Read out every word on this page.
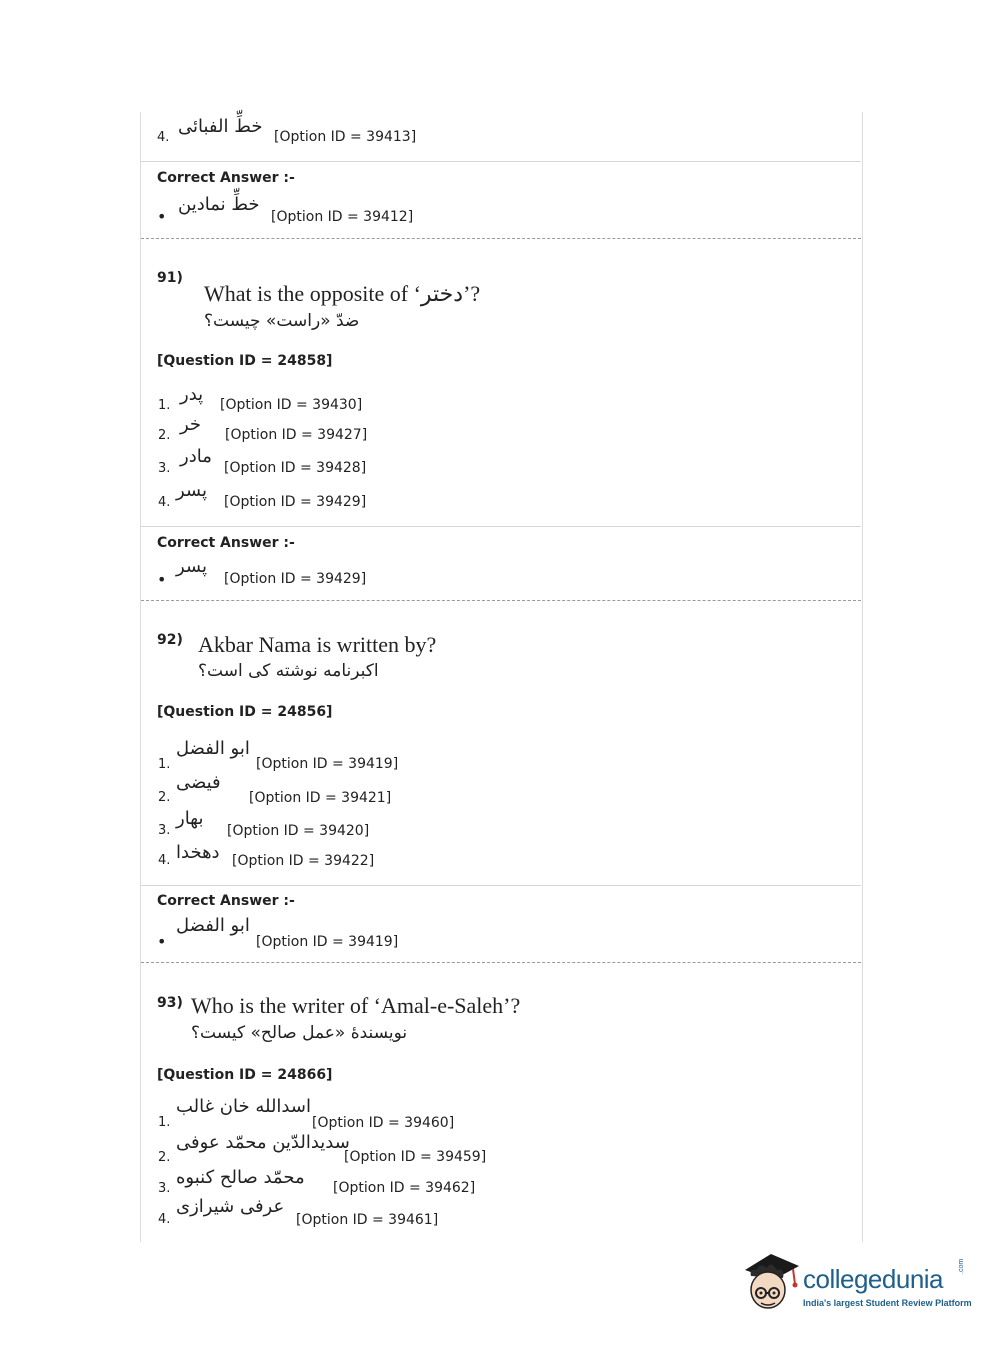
4.
خطِّ الفبائی [Option ID = 39413]
Correct Answer :-
•
خطِّ نمادین
[Option ID = 39412]
91)
What is the opposite of ‘دختر’?
ضدّ «راست» چیست؟
[Question ID = 24858]
1.
پدر [Option ID = 39430]
2.
خر [Option ID = 39427]
3.
مادر
[Option ID = 39428]
4.
پسر
[Option ID = 39429]
Correct Answer :-
•
پسر
[Option ID = 39429]
92) Akbar Nama is written by?
اکبرنامه نوشته کی است؟
[Question ID = 24856]
1.
ابو الفضل
[Option ID = 39419]
2.
فیضی
[Option ID = 39421]
3.
بهار
[Option ID = 39420]
4. دهخدا [Option ID = 39422]
Correct Answer :-
•
ابو الفضل
[Option ID = 39419]
93) Who is the writer of ‘Amal-e-Saleh’?
نویسندۀ «عمل صالح» کیست؟
[Question ID = 24866]
1.
اسدالله خان غالب
[Option ID = 39460]
2.
سدیدالدّین محمّد عوفی
[Option ID = 39459]
3.
محمّد صالح کنبوه [Option ID = 39462]
4.
عرفی شیرازی
[Option ID = 39461]
collegedunia .com
India's largest Student Review Platform
